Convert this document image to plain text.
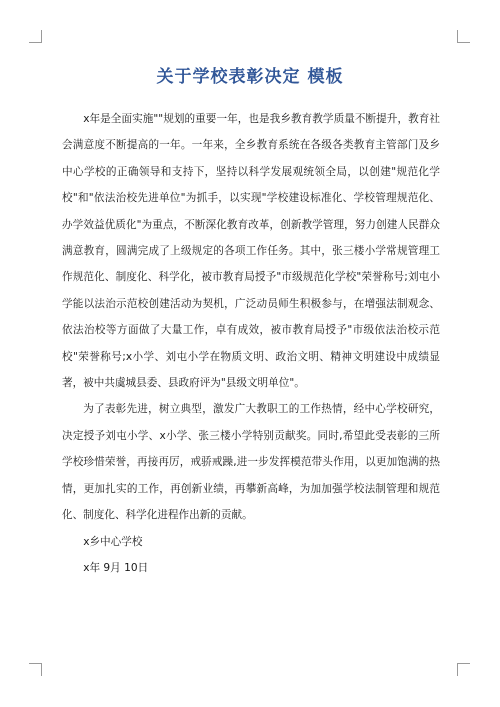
关于学校表彰决定 模板

x年是全面实施""规划的重要一年，也是我乡教育教学质量不断提升，教育社会满意度不断提高的一年。一年来，全乡教育系统在各级各类教育主管部门及乡中心学校的正确领导和支持下，坚持以科学发展观统领全局，以创建"规范化学校"和"依法治校先进单位"为抓手，以实现"学校建设标准化、学校管理规范化、办学效益优质化"为重点，不断深化教育改革，创新教学管理，努力创建人民群众满意教育，圆满完成了上级规定的各项工作任务。其中，张三楼小学常规管理工作规范化、制度化、科学化，被市教育局授予"市级规范化学校"荣誉称号;刘屯小学能以法治示范校创建活动为契机，广泛动员师生积极参与，在增强法制观念、依法治校等方面做了大量工作，卓有成效，被市教育局授予"市级依法治校示范校"荣誉称号;x小学、刘屯小学在物质文明、政治文明、精神文明建设中成绩显著，被中共虞城县委、县政府评为"县级文明单位"。

为了表彰先进，树立典型，激发广大教职工的工作热情，经中心学校研究，决定授予刘屯小学、x小学、张三楼小学特别贡献奖。同时,希望此受表彰的三所学校珍惜荣誉，再接再厉，戒骄戒躁,进一步发挥模范带头作用，以更加饱满的热情，更加扎实的工作，再创新业绩，再攀新高峰，为加加强学校法制管理和规范化、制度化、科学化进程作出新的贡献。

x乡中心学校

x年 9月 10日
